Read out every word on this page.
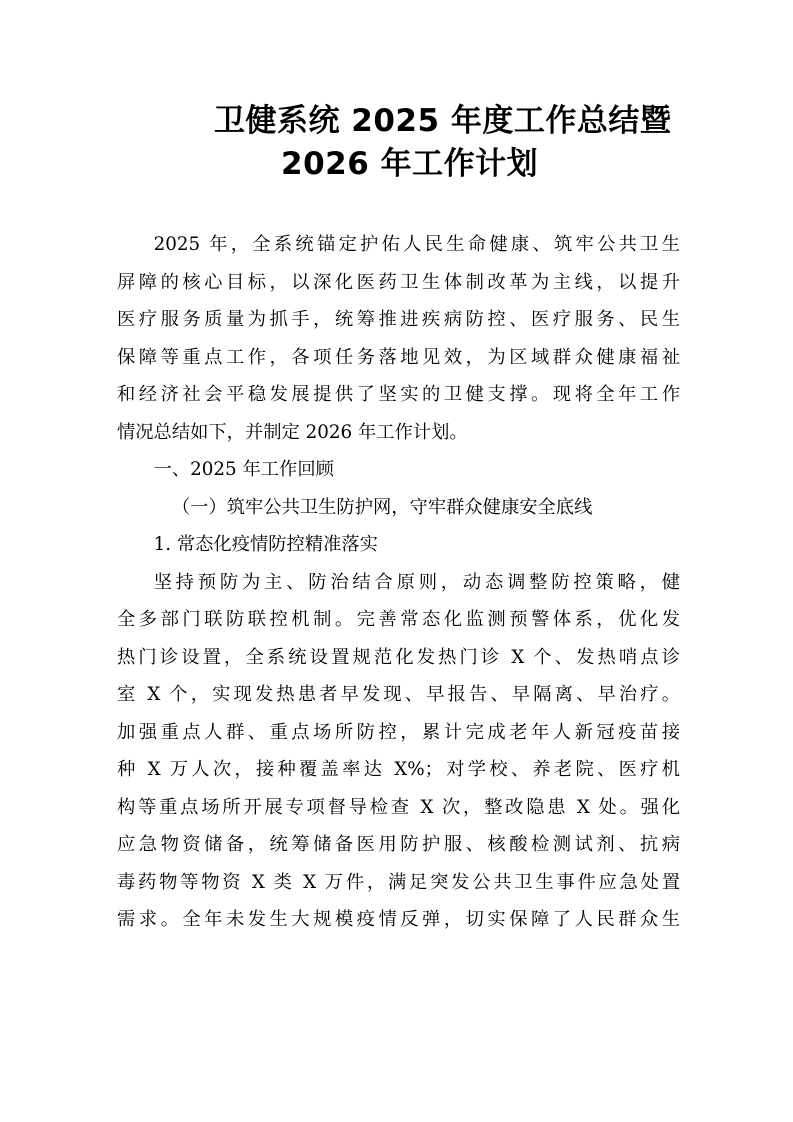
卫健系统 2025 年度工作总结暨
2026 年工作计划
2025 年，全系统锚定护佑人民生命健康、筑牢公共卫生
屏障的核心目标，以深化医药卫生体制改革为主线，以提升
医疗服务质量为抓手，统筹推进疾病防控、医疗服务、民生
保障等重点工作，各项任务落地见效，为区域群众健康福祉
和经济社会平稳发展提供了坚实的卫健支撑。现将全年工作
情况总结如下，并制定 2026 年工作计划。
一、2025 年工作回顾
（一）筑牢公共卫生防护网，守牢群众健康安全底线
1. 常态化疫情防控精准落实
坚持预防为主、防治结合原则，动态调整防控策略，健
全多部门联防联控机制。完善常态化监测预警体系，优化发
热门诊设置，全系统设置规范化发热门诊 X 个、发热哨点诊
室 X 个，实现发热患者早发现、早报告、早隔离、早治疗。
加强重点人群、重点场所防控，累计完成老年人新冠疫苗接
种 X 万人次，接种覆盖率达 X%；对学校、养老院、医疗机
构等重点场所开展专项督导检查 X 次，整改隐患 X 处。强化
应急物资储备，统筹储备医用防护服、核酸检测试剂、抗病
毒药物等物资 X 类 X 万件，满足突发公共卫生事件应急处置
需求。全年未发生大规模疫情反弹，切实保障了人民群众生
